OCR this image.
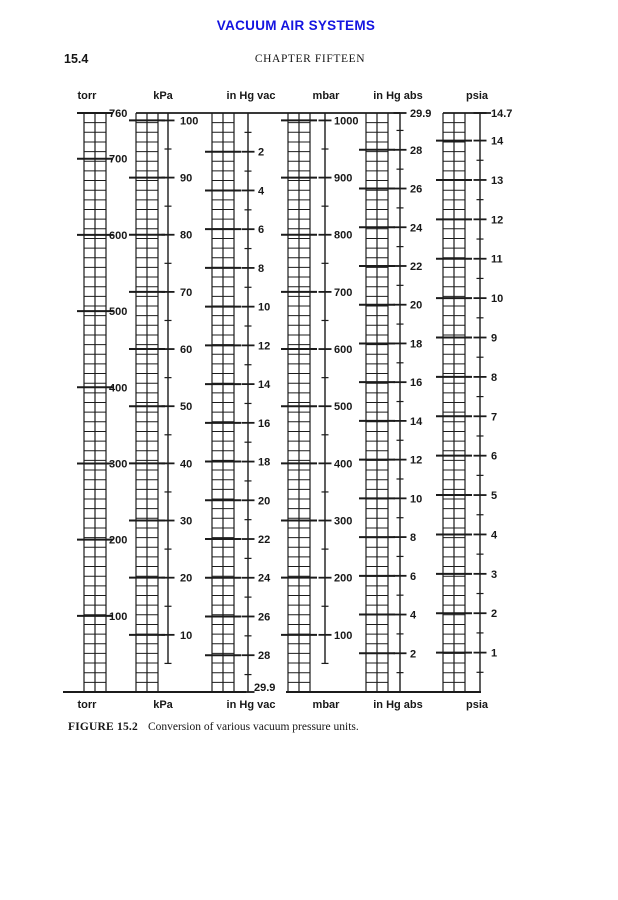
VACUUM AIR SYSTEMS
15.4	CHAPTER FIFTEEN
torr
torr
760
700
600
500
400
300
200
100
kPa
kPa
100
90
80
70
60
50
40
30
20
10
in Hg vac
in Hg vac
2
4
6
8
10
12
14
16
18
20
22
24
26
28
29.9
mbar
mbar
1000
900
800
700
600
500
400
300
200
100
in Hg abs
in Hg abs
29.9
28
26
24
22
20
18
16
14
12
10
8
6
4
2
psia
psia
14.7
14
13
12
11
10
9
8
7
6
5
4
3
2
1
FIGURE 15.2 Conversion of various vacuum pressure units.
